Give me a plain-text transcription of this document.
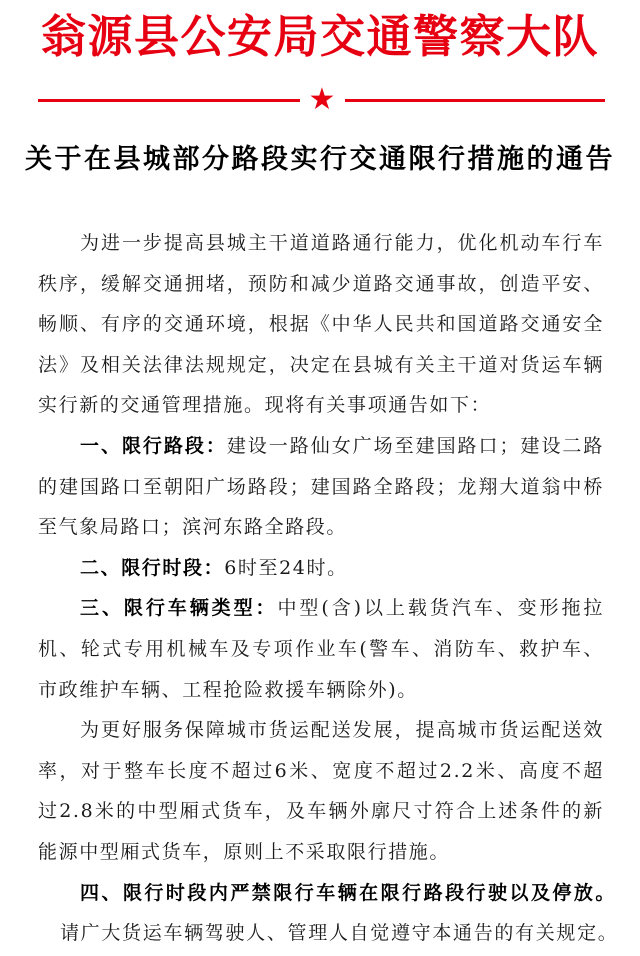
翁源县公安局交通警察大队
★
关于在县城部分路段实行交通限行措施的通告
为进一步提高县城主干道道路通行能力，优化机动车行车
秩序，缓解交通拥堵，预防和减少道路交通事故，创造平安、
畅顺、有序的交通环境，根据《中华人民共和国道路交通安全
法》及相关法律法规规定，决定在县城有关主干道对货运车辆
实行新的交通管理措施。现将有关事项通告如下：
一、限行路段：建设一路仙女广场至建国路口；建设二路
的建国路口至朝阳广场路段；建国路全路段；龙翔大道翁中桥
至气象局路口；滨河东路全路段。
二、限行时段：6时至24时。
三、限行车辆类型：中型(含)以上载货汽车、变形拖拉
机、轮式专用机械车及专项作业车(警车、消防车、救护车、
市政维护车辆、工程抢险救援车辆除外)。
为更好服务保障城市货运配送发展，提高城市货运配送效
率，对于整车长度不超过6米、宽度不超过2.2米、高度不超
过2.8米的中型厢式货车，及车辆外廓尺寸符合上述条件的新
能源中型厢式货车，原则上不采取限行措施。
四、限行时段内严禁限行车辆在限行路段行驶以及停放。
请广大货运车辆驾驶人、管理人自觉遵守本通告的有关规定。
